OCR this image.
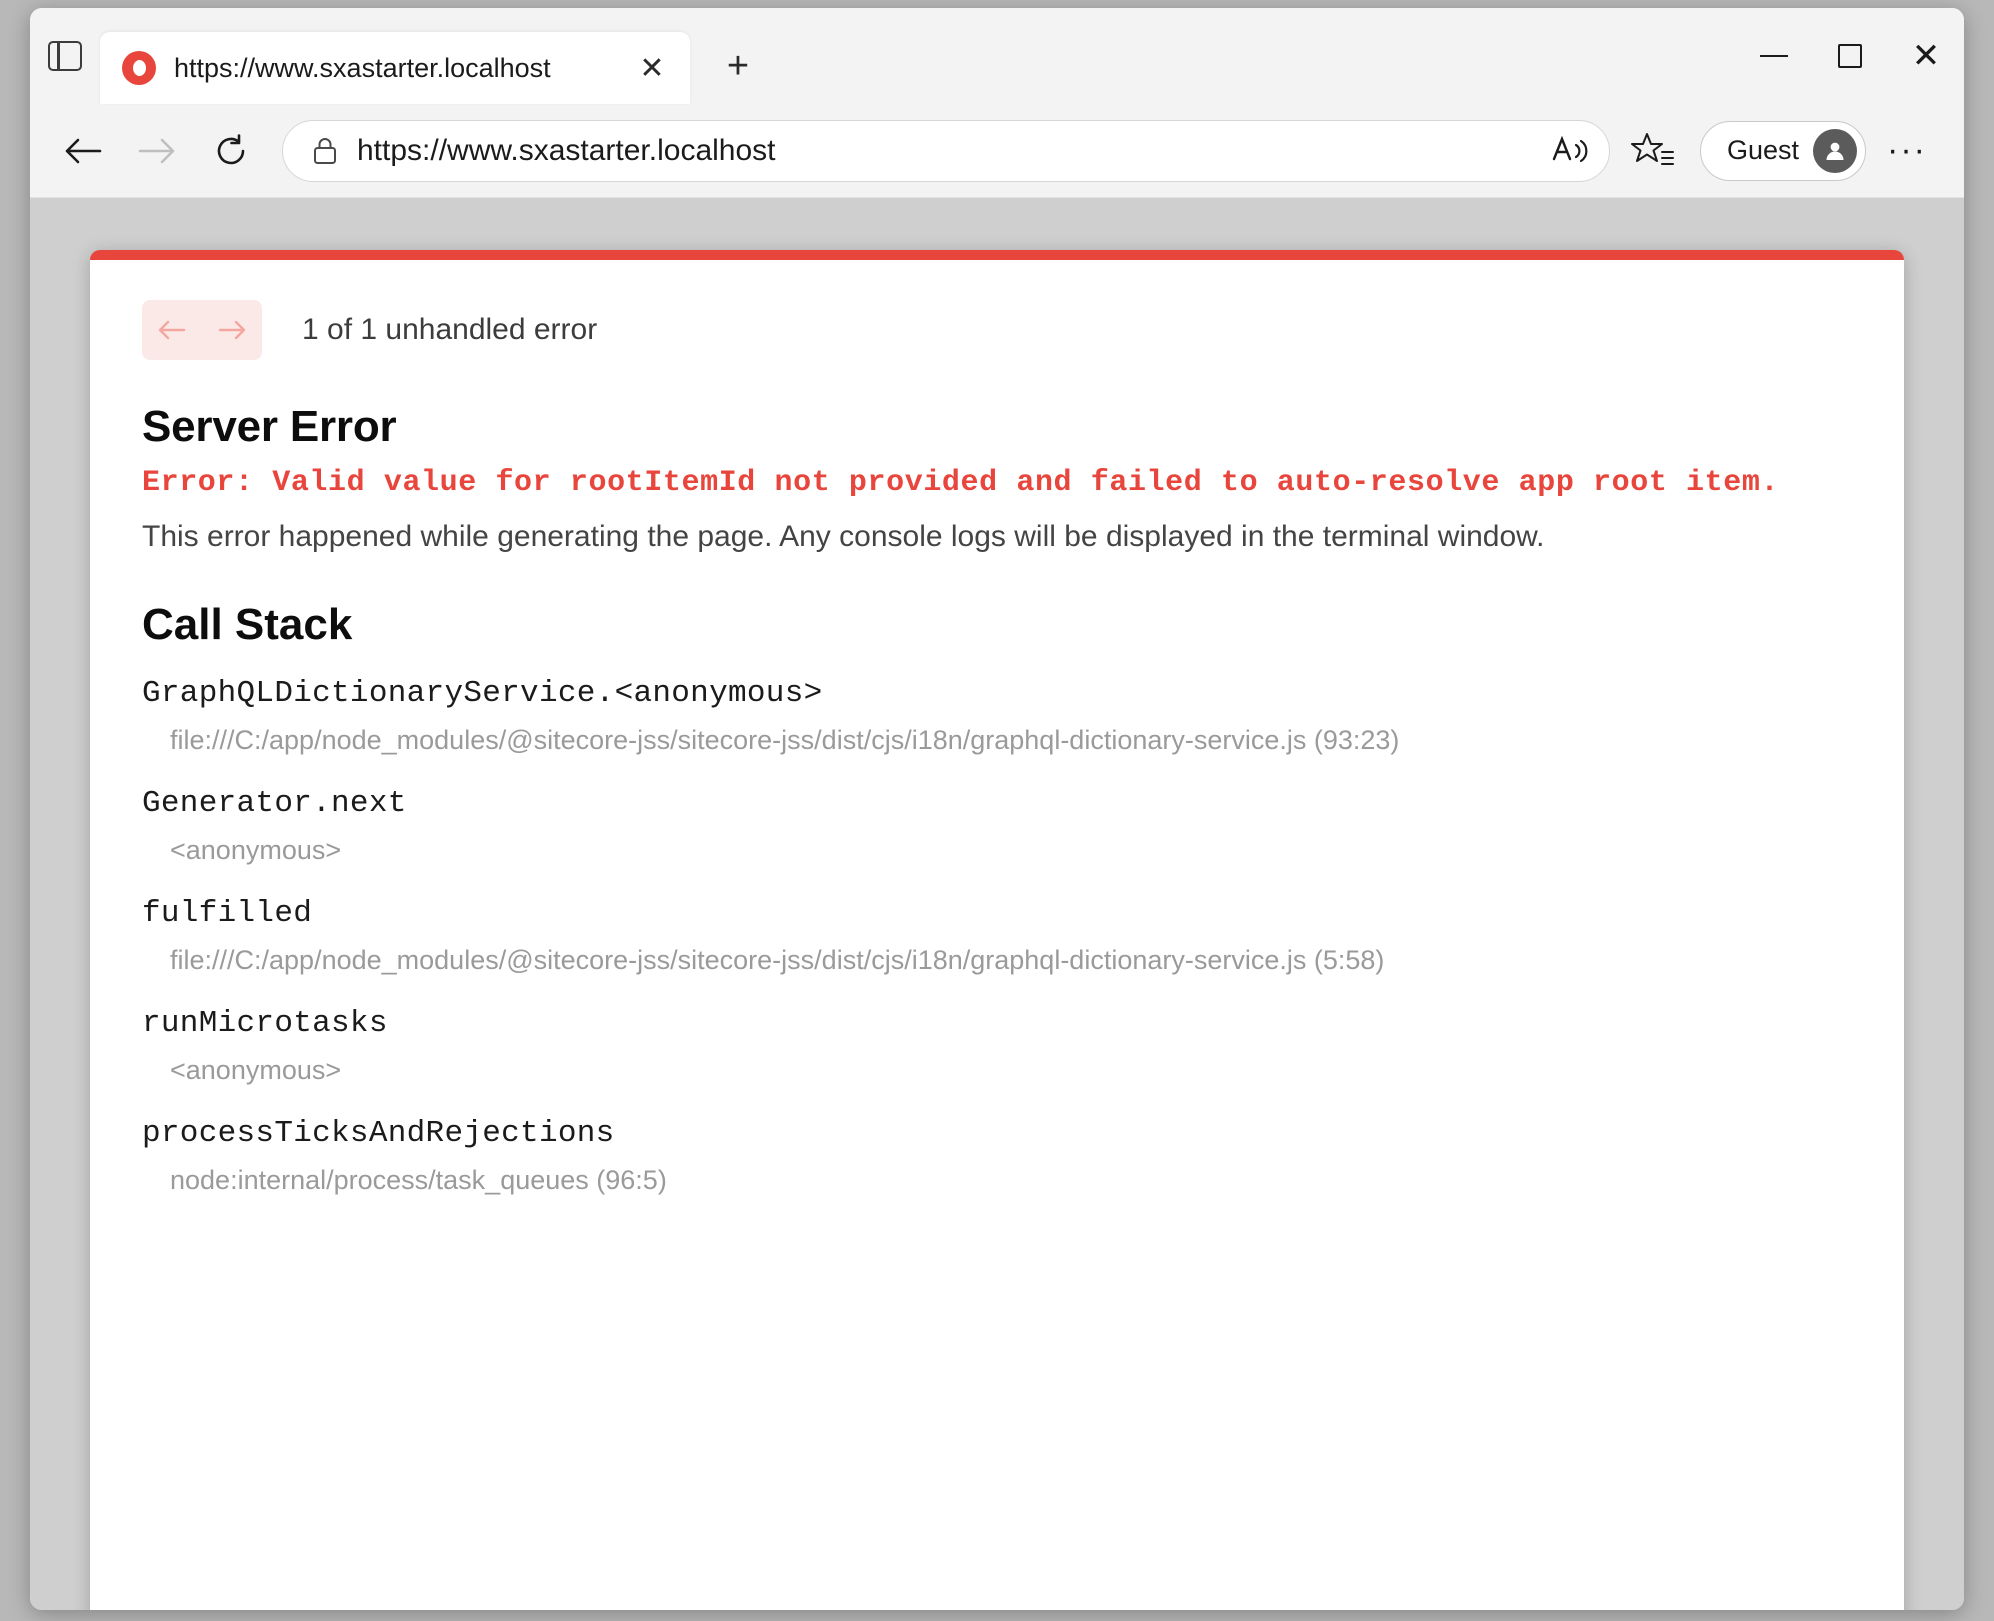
https://www.sxastarter.localhost	✕	+	✕
https://www.sxastarter.localhost	Guest	···
1 of 1 unhandled error
Server Error

Error: Valid value for rootItemId not provided and failed to auto-resolve app root item.

This error happened while generating the page. Any console logs will be displayed in the terminal window.

Call Stack
GraphQLDictionaryService.<anonymous>
file:///C:/app/node_modules/@sitecore-jss/sitecore-jss/dist/cjs/i18n/graphql-dictionary-service.js (93:23)
Generator.next
<anonymous>
fulfilled
file:///C:/app/node_modules/@sitecore-jss/sitecore-jss/dist/cjs/i18n/graphql-dictionary-service.js (5:58)
runMicrotasks
<anonymous>
processTicksAndRejections
node:internal/process/task_queues (96:5)
